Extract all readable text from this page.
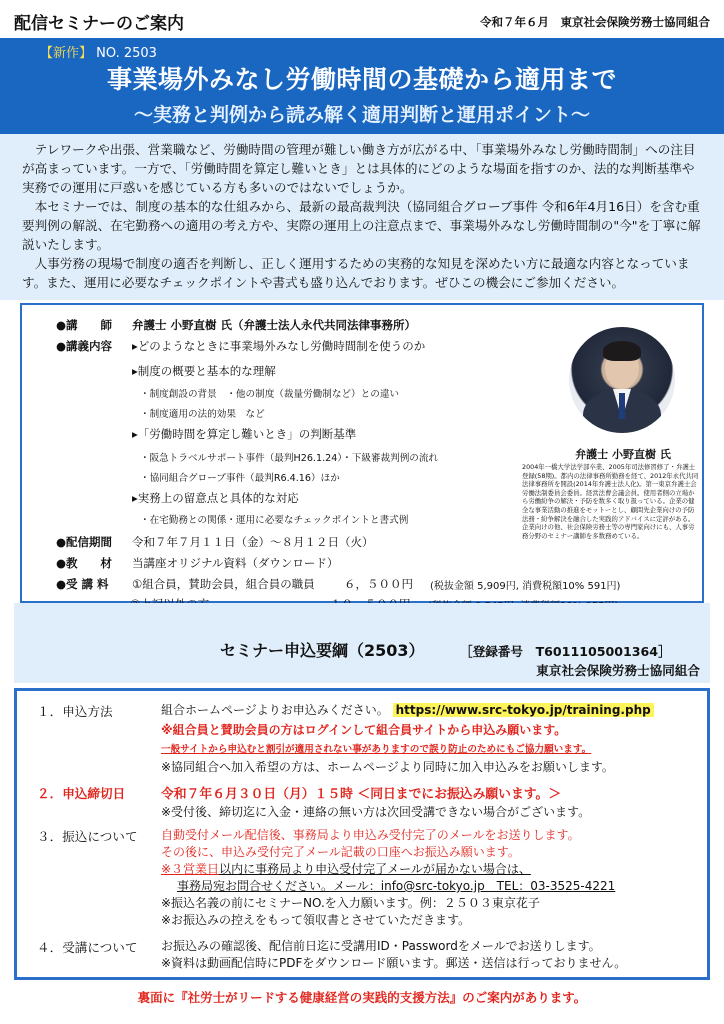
配信セミナーのご案内	令和７年６月　東京社会保険労務士協同組合
【新作】 NO. 2503
事業場外みなし労働時間の基礎から適用まで
～実務と判例から読み解く適用判断と運用ポイント～

テレワークや出張、営業職など、労働時間の管理が難しい働き方が広がる中、「事業場外みなし労働時間制」への注目が高まっています。一方で、「労働時間を算定し難いとき」とは具体的にどのような場面を指すのか、法的な判断基準や実務での運用に戸惑いを感じている方も多いのではないでしょうか。

本セミナーでは、制度の基本的な仕組みから、最新の最高裁判決（協同組合グローブ事件 令和6年4月16日）を含む重要判例の解説、在宅勤務への適用の考え方や、実際の運用上の注意点まで、事業場外みなし労働時間制の"今"を丁寧に解説いたします。

人事労務の現場で制度の適否を判断し、正しく運用するための実務的な知見を深めたい方に最適な内容となっています。また、運用に必要なチェックポイントや書式も盛り込んでおります。ぜひこの機会にご参加ください。

●講　　師 弁護士 小野直樹 氏（弁護士法人永代共同法律事務所）
●講義内容 ▸どのようなときに事業場外みなし労働時間制を使うのか
▸制度の概要と基本的な理解
・制度創設の背景　・他の制度（裁量労働制など）との違い
・制度適用の法的効果　など
▸「労働時間を算定し難いとき」の判断基準
・阪急トラベルサポート事件（最判H26.1.24）・下級審裁判例の流れ
・協同組合グローブ事件（最判R6.4.16）ほか
▸実務上の留意点と具体的な対応
・在宅勤務との関係・運用に必要なチェックポイントと書式例
●配信期間 令和７年７月１１日（金）～８月１２日（火）
●教　　材 当講座オリジナル資料（ダウンロード）
●受 講 料 ①組合員，賛助会員，組合員の職員	６，５００円 (税抜金額 5,909円, 消費税額10% 591円)
弁護士 小野直樹 氏
2004年一橋大学法学部卒業、2005年司法修習修了・弁護士登録(58期)。都内の法律事務所勤務を経て、2012年永代共同法律事務所を開設(2014年弁護士法人化)。第一東京弁護士会労働法制委員会委員。経営法曹会議会員。使用者側の立場から労働紛争の解決・予防を数多く取り扱っている。企業の健全な事業活動の推進をモットーとし、顧問先企業向けの予防法務・紛争解決を融合した実践的アドバイスに定評がある。企業向けの他、社会保険労務士等の専門家向けにも、人事労務分野のセミナー講師を多数務めている。
セミナー申込要綱（2503）	［登録番号　T6011105001364］
東京社会保険労務士協同組合
１．申込方法	組合ホームページよりお申込みください。 https://www.src-tokyo.jp/training.php
※組合員と賛助会員の方はログインして組合員サイトから申込み願います。
一般サイトから申込むと割引が適用されない事がありますので誤り防止のためにもご協力願います。
※協同組合へ加入希望の方は、ホームページより同時に加入申込みをお願いします。
２．申込締切日	令和７年６月３０日（月）１５時 ＜同日までにお振込み願います。＞
※受付後、締切迄に入金・連絡の無い方は次回受講できない場合がございます。
３．振込について 自動受付メール配信後、事務局より申込み受付完了のメールをお送りします。
その後に、申込み受付完了メール記載の口座へお振込み願います。
※３営業日以内に事務局より申込受付完了メールが届かない場合は、
事務局宛お問合せください。メール：info@src-tokyo.jp　TEL：03-3525-4221
※振込名義の前にセミナーNO.を入力願います。例：２５０３東京花子
※お振込みの控えをもって領収書とさせていただきます。
４．受講について お振込みの確認後、配信前日迄に受講用ID・Passwordをメールでお送りします。
※資料は動画配信時にPDFをダウンロード願います。郵送・送信は行っておりません。
裏面に『社労士がリードする健康経営の実践的支援方法』のご案内があります。
